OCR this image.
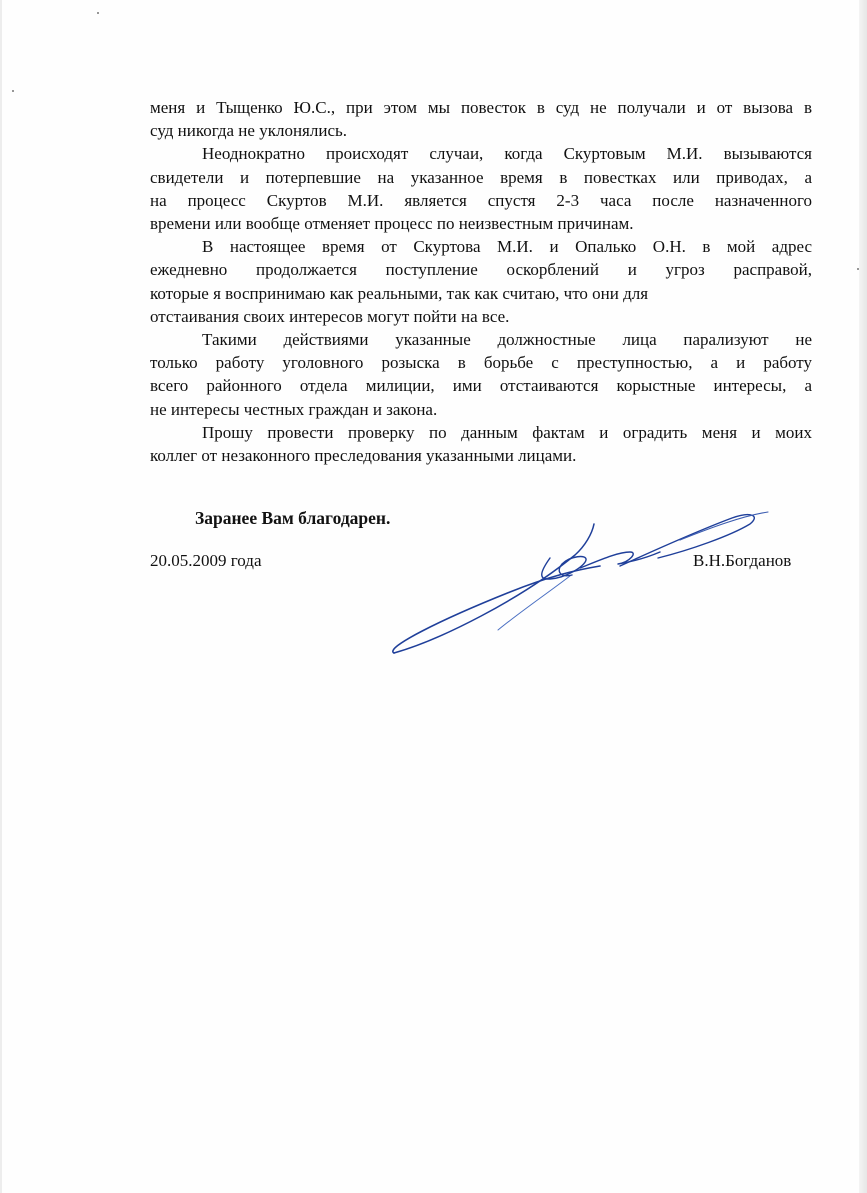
меня и Тыщенко Ю.С., при этом мы повесток в суд не получали и от вызова в
суд никогда не уклонялись.
Неоднократно происходят случаи, когда Скуртовым М.И. вызываются
свидетели и потерпевшие на указанное время в повестках или приводах, а
на процесс Скуртов М.И. является спустя 2-3 часа после назначенного
времени или вообще отменяет процесс по неизвестным причинам.
В настоящее время от Скуртова М.И. и Опалько О.Н. в мой адрес
ежедневно продолжается поступление оскорблений и угроз расправой,
которые я воспринимаю как реальными, так как считаю, что они для
отстаивания своих интересов могут пойти на все.
Такими действиями указанные должностные лица парализуют не
только работу уголовного розыска в борьбе с преступностью, а и работу
всего районного отдела милиции, ими отстаиваются корыстные интересы, а
не интересы честных граждан и закона.
Прошу провести проверку по данным фактам и оградить меня и моих
коллег от незаконного преследования указанными лицами.
Заранее Вам благодарен.
20.05.2009 года	В.Н.Богданов
